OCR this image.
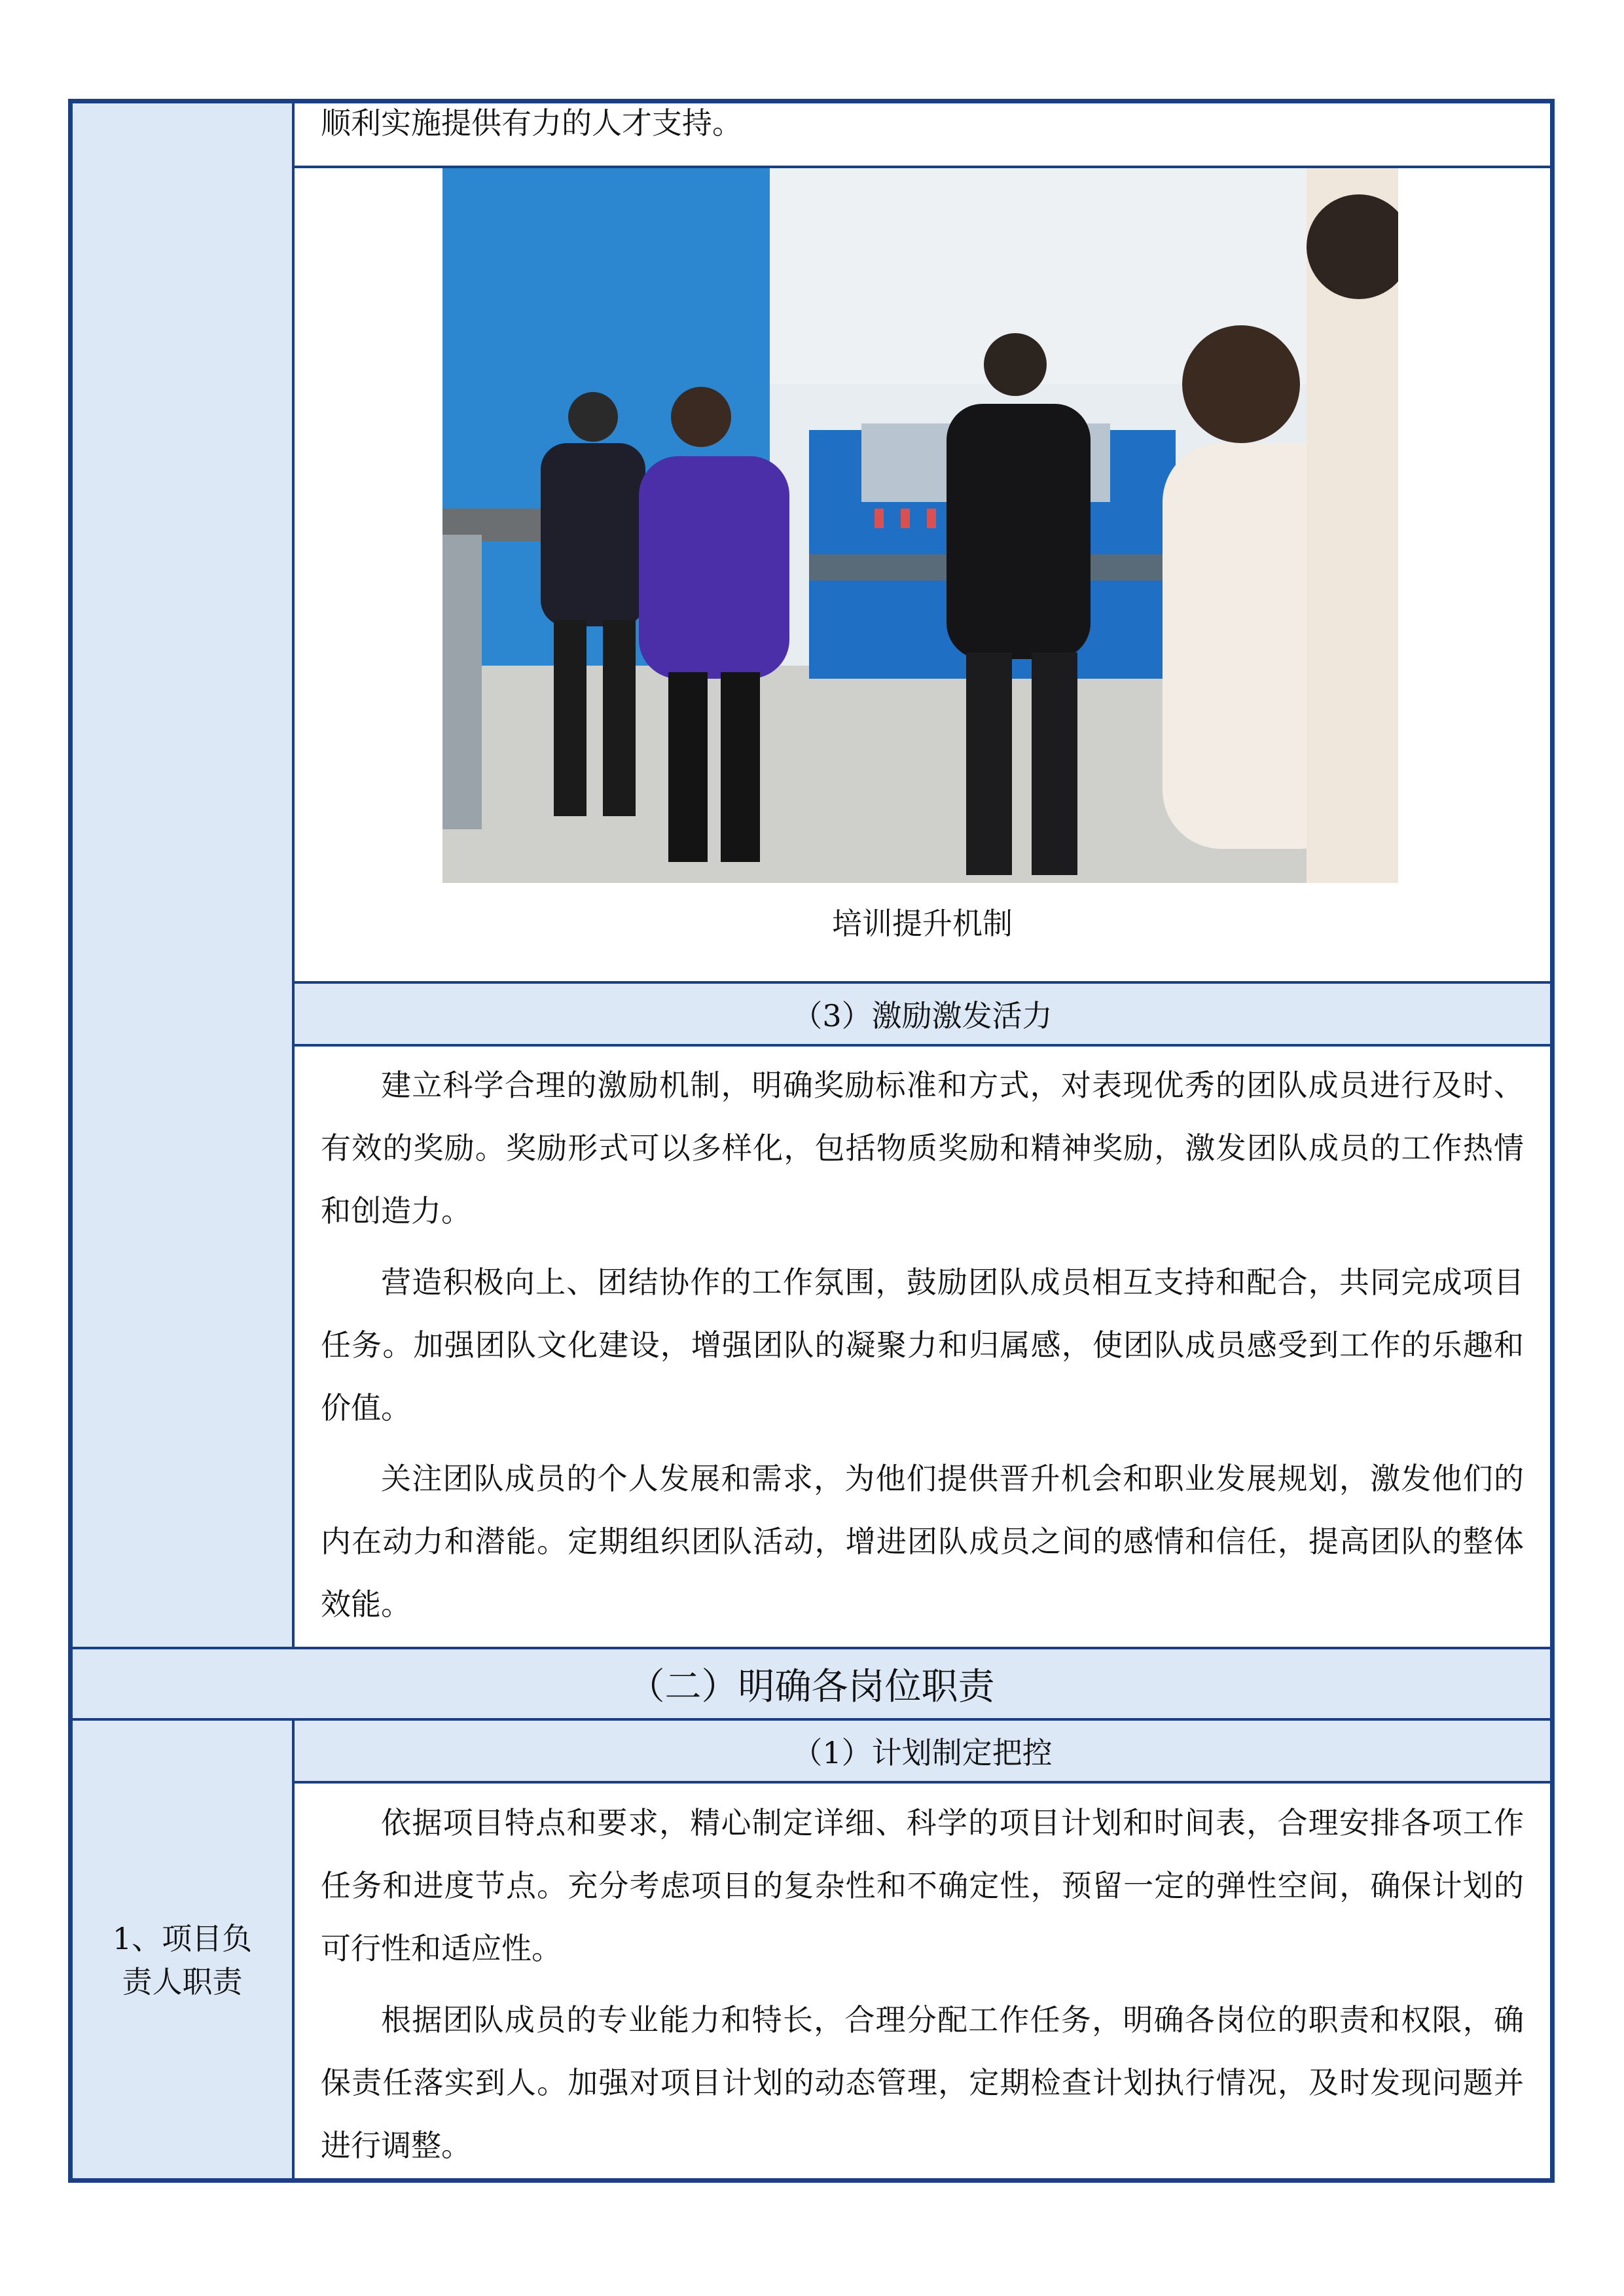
（3）激励激发活力
（二）明确各岗位职责
（1）计划制定把控

顺利实施提供有力的人才支持。

培训提升机制

建立科学合理的激励机制，明确奖励标准和方式，对表现优秀的团队成员进行及时、有效的奖励。奖励形式可以多样化，包括物质奖励和精神奖励，激发团队成员的工作热情和创造力。

营造积极向上、团结协作的工作氛围，鼓励团队成员相互支持和配合，共同完成项目任务。加强团队文化建设，增强团队的凝聚力和归属感，使团队成员感受到工作的乐趣和价值。

关注团队成员的个人发展和需求，为他们提供晋升机会和职业发展规划，激发他们的内在动力和潜能。定期组织团队活动，增进团队成员之间的感情和信任，提高团队的整体效能。

1、项目负
责人职责

依据项目特点和要求，精心制定详细、科学的项目计划和时间表，合理安排各项工作任务和进度节点。充分考虑项目的复杂性和不确定性，预留一定的弹性空间，确保计划的可行性和适应性。

根据团队成员的专业能力和特长，合理分配工作任务，明确各岗位的职责和权限，确保责任落实到人。加强对项目计划的动态管理，定期检查计划执行情况，及时发现问题并进行调整。
